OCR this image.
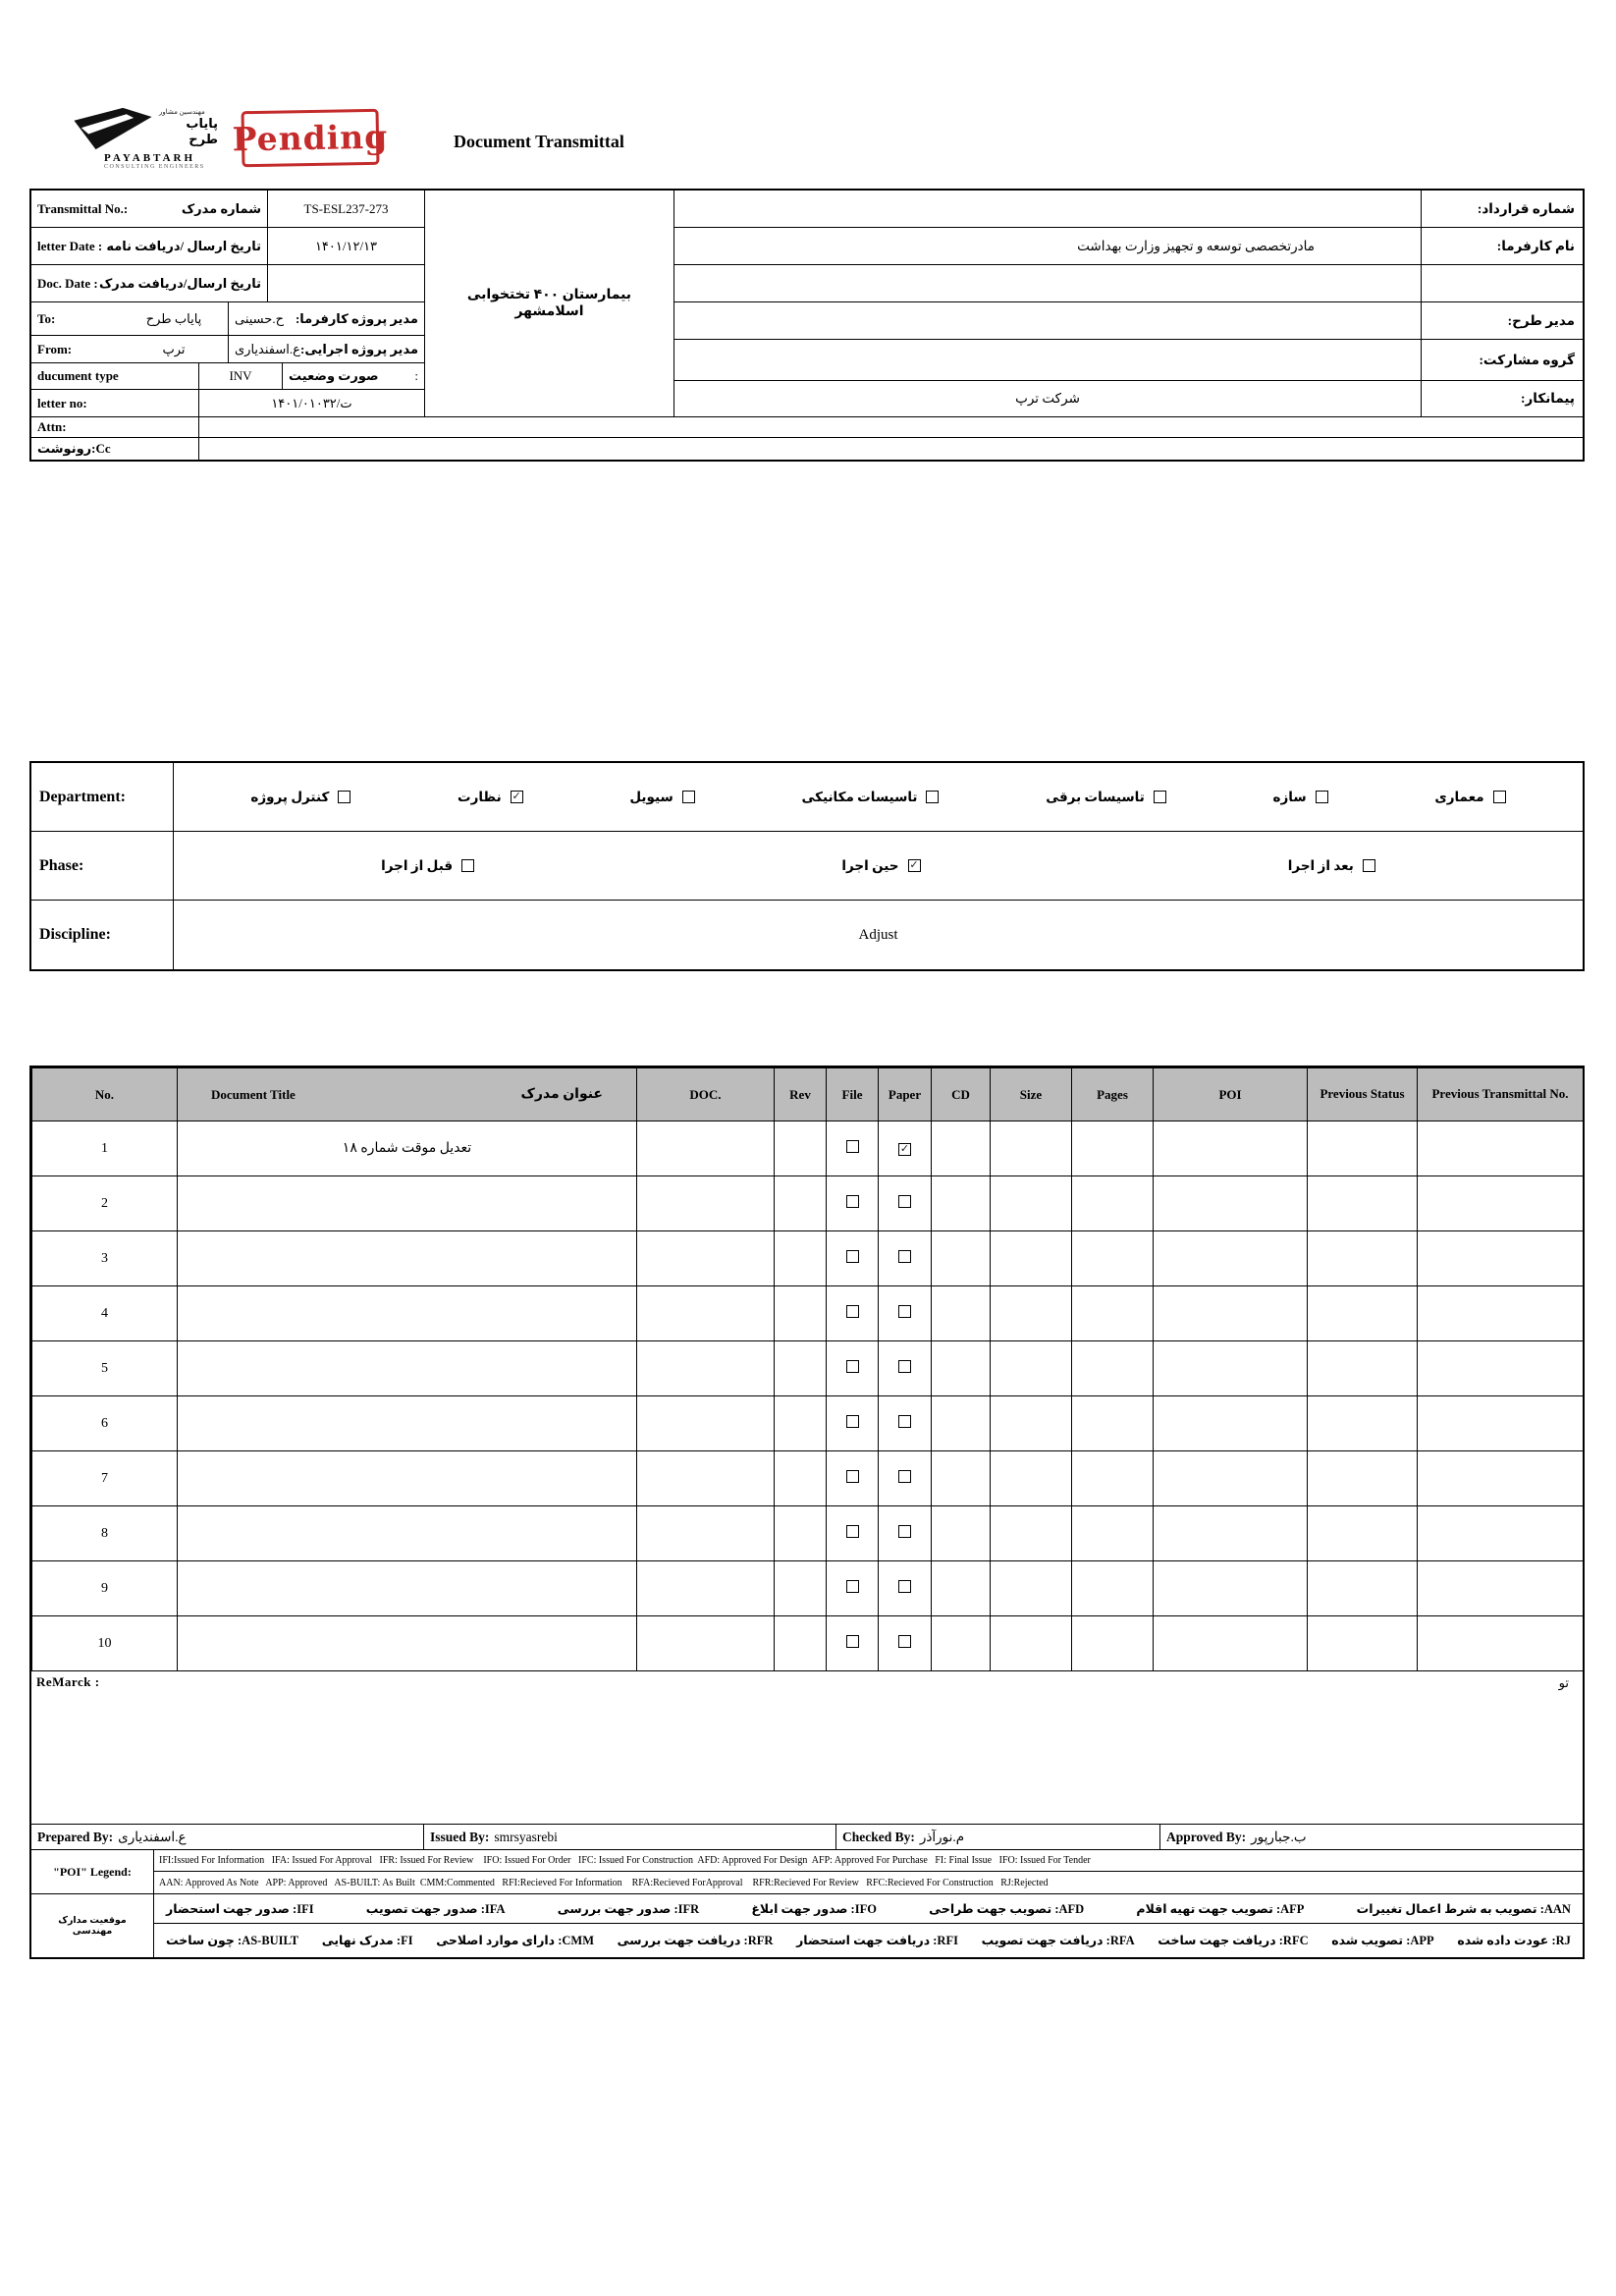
مهندسین مشاور
پایاب طرح
PAYABTARH
CONSULTING ENGINEERS
Pending	Document Transmittal
Transmittal No.:	شماره مدرک	TS-ESL237-273
letter Date : تاریخ ارسال /دریافت نامه	۱۴۰۱/۱۲/۱۳
Doc. Date : تاریخ ارسال/دریافت مدرک
To:	پایاب طرح	ح.حسینی مدیر پروژه کارفرما:
From:	ترپ	ع.اسفندیاری مدیر پروژه اجرایی:
ducument type	INV	صورت وضعیت	:
letter no:	ت/۱۴۰۱/۰۱۰۳۲
بیمارستان ۴۰۰ تختخوابی اسلامشهر
شماره قرارداد:
مادرتخصصی توسعه و تجهیز وزارت بهداشت	نام کارفرما:
مدیر طرح:
گروه مشارکت:
شرکت ترپ	پیمانکار:
Attn:
رونوشت:Cc
Department:	کنترل پروژه	نظارت ✓	سیویل	تاسیسات مکانیکی	تاسیسات برقی	سازه	معماری
Phase:	قبل از اجرا	حین اجرا ✓	بعد از اجرا
Discipline:	Adjust
No.	Document Title عنوان مدرک	DOC.	Rev	File	Paper	CD	Size	Pages	POI	Previous Status	Previous Transmittal No.
1	تعدیل موقت شماره ۱۸				✓						
2											
3											
4											
5											
6											
7											
8											
9											
10											
ReMarck :	تو
Prepared By: ع.اسفندیاری	Issued By: smrsyasrebi	Checked By: م.نورآذر	Approved By: ب.جبارپور
"POI" Legend:
IFI:Issued For Information   IFA: Issued For Approval   IFR: Issued For Review    IFO: Issued For Order   IFC: Issued For Construction  AFD: Approved For Design  AFP: Approved For Purchase   FI: Final Issue   IFO: Issued For Tender
AAN: Approved As Note   APP: Approved   AS-BUILT: As Built  CMM:Commented   RFI:Recieved For Information    RFA:Recieved ForApproval    RFR:Recieved For Review   RFC:Recieved For Construction   RJ:Rejected
موقعیت مدارک مهندسی
IFI: صدور جهت استحضار	IFA: صدور جهت تصویب	IFR: صدور جهت بررسی	IFO: صدور جهت ابلاغ	AFD: تصویب جهت طراحی	AFP: تصویب جهت تهیه اقلام	AAN: تصویب به شرط اعمال تغییرات
AS-BUILT: چون ساخت	FI: مدرک نهایی	CMM: دارای موارد اصلاحی	RFR: دریافت جهت بررسی	RFI: دریافت جهت استحضار	RFA: دریافت جهت تصویب	RFC: دریافت جهت ساخت	APP: تصویب شده	RJ: عودت داده شده
